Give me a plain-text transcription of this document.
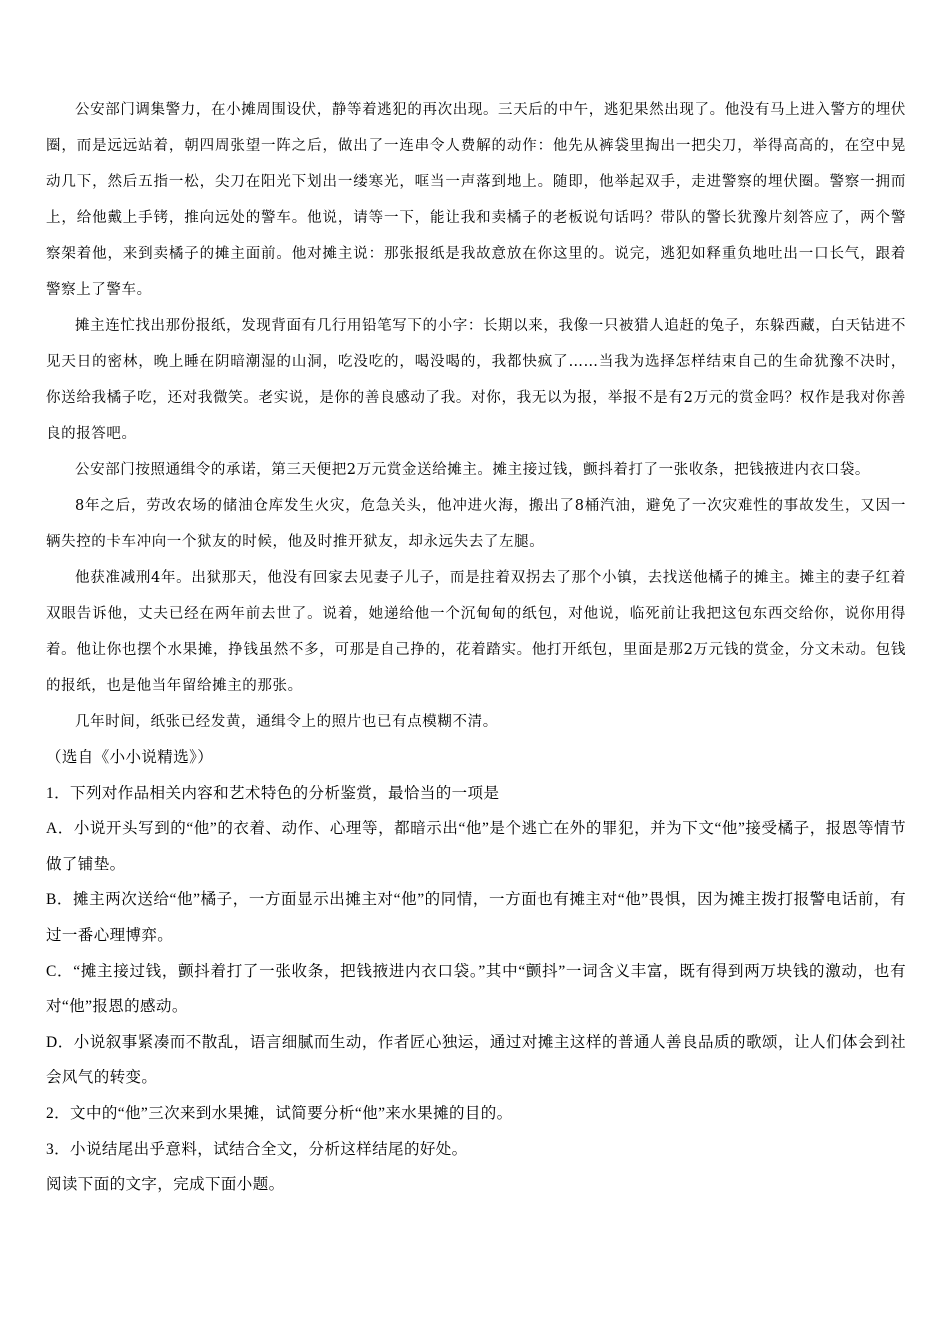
公安部门调集警力，在小摊周围设伏，静等着逃犯的再次出现。三天后的中午，逃犯果然出现了。他没有马上进入警方的埋伏圈，而是远远站着，朝四周张望一阵之后，做出了一连串令人费解的动作：他先从裤袋里掏出一把尖刀，举得高高的，在空中晃动几下，然后五指一松，尖刀在阳光下划出一缕寒光，哐当一声落到地上。随即，他举起双手，走进警察的埋伏圈。警察一拥而上，给他戴上手铐，推向远处的警车。他说，请等一下，能让我和卖橘子的老板说句话吗？带队的警长犹豫片刻答应了，两个警察架着他，来到卖橘子的摊主面前。他对摊主说：那张报纸是我故意放在你这里的。说完，逃犯如释重负地吐出一口长气，跟着警察上了警车。

摊主连忙找出那份报纸，发现背面有几行用铅笔写下的小字：长期以来，我像一只被猎人追赶的兔子，东躲西藏，白天钻进不见天日的密林，晚上睡在阴暗潮湿的山洞，吃没吃的，喝没喝的，我都快疯了……当我为选择怎样结束自己的生命犹豫不决时，你送给我橘子吃，还对我微笑。老实说，是你的善良感动了我。对你，我无以为报，举报不是有2万元的赏金吗？权作是我对你善良的报答吧。

公安部门按照通缉令的承诺，第三天便把2万元赏金送给摊主。摊主接过钱，颤抖着打了一张收条，把钱掖进内衣口袋。

8年之后，劳改农场的储油仓库发生火灾，危急关头，他冲进火海，搬出了8桶汽油，避免了一次灾难性的事故发生，又因一辆失控的卡车冲向一个狱友的时候，他及时推开狱友，却永远失去了左腿。

他获准减刑4年。出狱那天，他没有回家去见妻子儿子，而是拄着双拐去了那个小镇，去找送他橘子的摊主。摊主的妻子红着双眼告诉他，丈夫已经在两年前去世了。说着，她递给他一个沉甸甸的纸包，对他说，临死前让我把这包东西交给你，说你用得着。他让你也摆个水果摊，挣钱虽然不多，可那是自己挣的，花着踏实。他打开纸包，里面是那2万元钱的赏金，分文未动。包钱的报纸，也是他当年留给摊主的那张。

几年时间，纸张已经发黄，通缉令上的照片也已有点模糊不清。

（选自《小小说精选》）

1．下列对作品相关内容和艺术特色的分析鉴赏，最恰当的一项是

A．小说开头写到的“他”的衣着、动作、心理等，都暗示出“他”是个逃亡在外的罪犯，并为下文“他”接受橘子，报恩等情节做了铺垫。

B．摊主两次送给“他”橘子，一方面显示出摊主对“他”的同情，一方面也有摊主对“他”畏惧，因为摊主拨打报警电话前，有过一番心理博弈。

C．“摊主接过钱，颤抖着打了一张收条，把钱掖进内衣口袋。”其中“颤抖”一词含义丰富，既有得到两万块钱的激动，也有对“他”报恩的感动。

D．小说叙事紧凑而不散乱，语言细腻而生动，作者匠心独运，通过对摊主这样的普通人善良品质的歌颂，让人们体会到社会风气的转变。

2．文中的“他”三次来到水果摊，试简要分析“他”来水果摊的目的。

3．小说结尾出乎意料，试结合全文，分析这样结尾的好处。

阅读下面的文字，完成下面小题。
